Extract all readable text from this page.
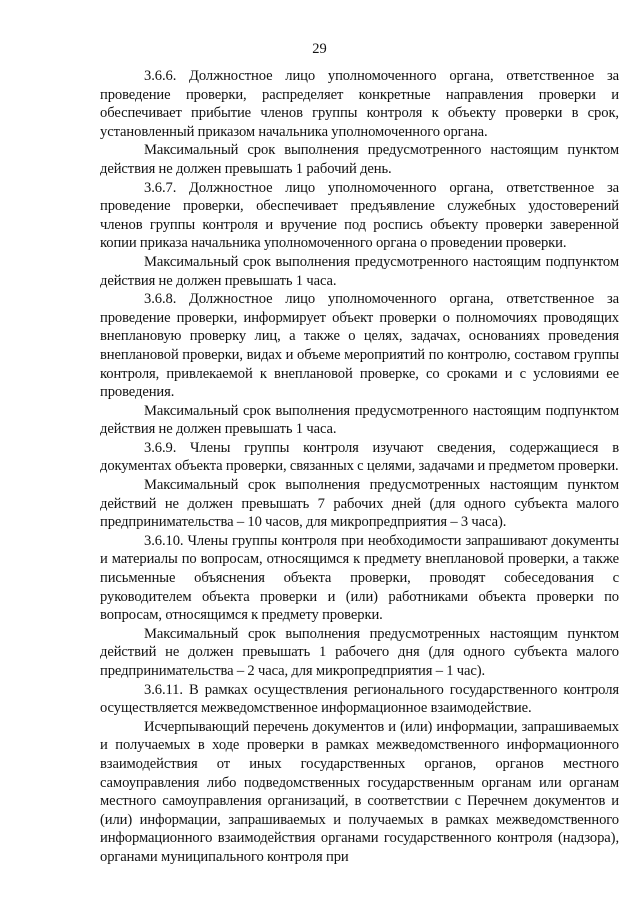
29

3.6.6. Должностное лицо уполномоченного органа, ответственное за проведение проверки, распределяет конкретные направления проверки и обеспечивает прибытие членов группы контроля к объекту проверки в срок, установленный приказом начальника уполномоченного органа.

Максимальный срок выполнения предусмотренного настоящим пунктом действия не должен превышать 1 рабочий день.

3.6.7. Должностное лицо уполномоченного органа, ответственное за проведение проверки, обеспечивает предъявление служебных удостоверений членов группы контроля и вручение под роспись объекту проверки заверенной копии приказа начальника уполномоченного органа о проведении проверки.

Максимальный срок выполнения предусмотренного настоящим подпунктом действия не должен превышать 1 часа.

3.6.8. Должностное лицо уполномоченного органа, ответственное за проведение проверки, информирует объект проверки о полномочиях проводящих внеплановую проверку лиц, а также о целях, задачах, основаниях проведения внеплановой проверки, видах и объеме мероприятий по контролю, составом группы контроля, привлекаемой к внеплановой проверке, со сроками и с условиями ее проведения.

Максимальный срок выполнения предусмотренного настоящим подпунктом действия не должен превышать 1 часа.

3.6.9. Члены группы контроля изучают сведения, содержащиеся в документах объекта проверки, связанных с целями, задачами и предметом проверки.

Максимальный срок выполнения предусмотренных настоящим пунктом действий не должен превышать 7 рабочих дней (для одного субъекта малого предпринимательства – 10 часов, для микропредприятия – 3 часа).

3.6.10. Члены группы контроля при необходимости запрашивают документы и материалы по вопросам, относящимся к предмету внеплановой проверки, а также письменные объяснения объекта проверки, проводят собеседования с руководителем объекта проверки и (или) работниками объекта проверки по вопросам, относящимся к предмету проверки.

Максимальный срок выполнения предусмотренных настоящим пунктом действий не должен превышать 1 рабочего дня (для одного субъекта малого предпринимательства – 2 часа, для микропредприятия – 1 час).

3.6.11. В рамках осуществления регионального государственного контроля осуществляется межведомственное информационное взаимодействие.

Исчерпывающий перечень документов и (или) информации, запрашиваемых и получаемых в ходе проверки в рамках межведомственного информационного взаимодействия от иных государственных органов, органов местного самоуправления либо подведомственных государственным органам или органам местного самоуправления организаций, в соответствии с Перечнем документов и (или) информации, запрашиваемых и получаемых в рамках межведомственного информационного взаимодействия органами государственного контроля (надзора), органами муниципального контроля при
